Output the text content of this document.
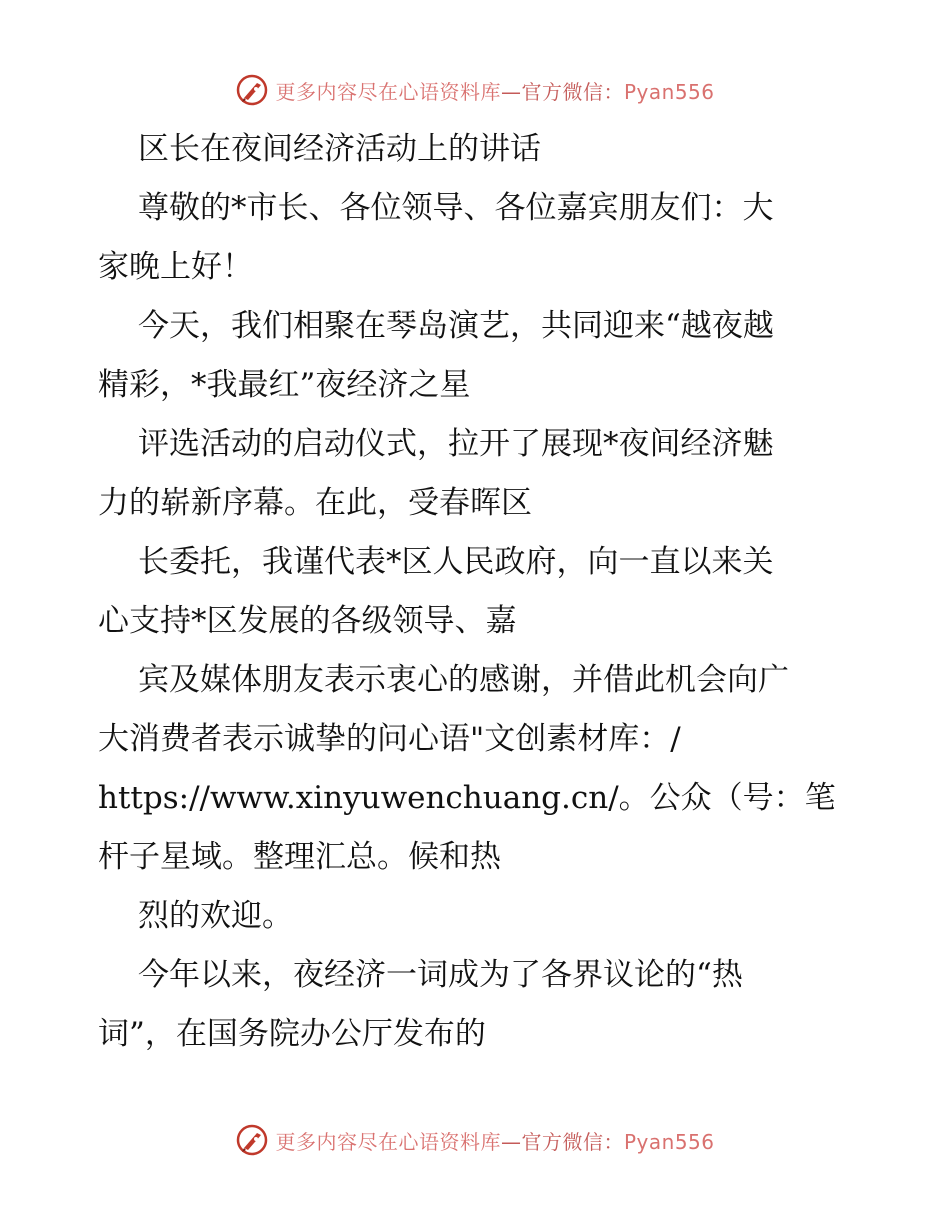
更多内容尽在心语资料库—官方微信：Pyan556
区长在夜间经济活动上的讲话
尊敬的*市长、各位领导、各位嘉宾朋友们：大
家晚上好！
今天，我们相聚在琴岛演艺，共同迎来“越夜越
精彩，*我最红”夜经济之星
评选活动的启动仪式，拉开了展现*夜间经济魅
力的崭新序幕。在此，受春晖区
长委托，我谨代表*区人民政府，向一直以来关
心支持*区发展的各级领导、嘉
宾及媒体朋友表示衷心的感谢，并借此机会向广
大消费者表示诚挚的问心语"文创素材库：/
https://www.xinyuwenchuang.cn/。公众（号：笔
杆子星域。整理汇总。候和热
烈的欢迎。
今年以来，夜经济一词成为了各界议论的“热
词”，在国务院办公厅发布的
更多内容尽在心语资料库—官方微信：Pyan556
